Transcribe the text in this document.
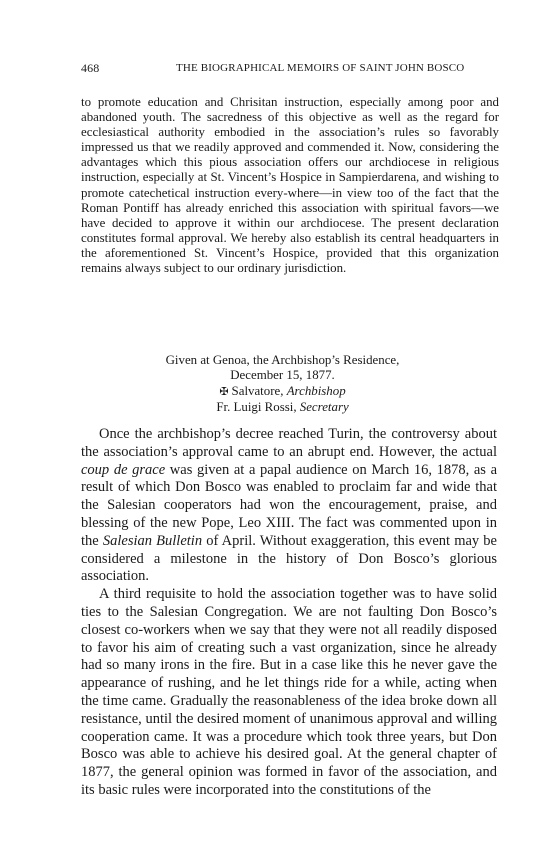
468	THE BIOGRAPHICAL MEMOIRS OF SAINT JOHN BOSCO

to promote education and Chrisitan instruction, especially among poor and abandoned youth. The sacredness of this objective as well as the regard for ecclesiastical authority embodied in the association’s rules so favorably impressed us that we readily approved and commended it. Now, considering the advantages which this pious association offers our archdiocese in religious instruction, especially at St. Vincent’s Hospice in Sampierdarena, and wishing to promote catechetical instruction every-where—in view too of the fact that the Roman Pontiff has already enriched this association with spiritual favors—we have decided to approve it within our archdiocese. The present declaration constitutes formal approval. We hereby also establish its central headquarters in the aforementioned St. Vincent’s Hospice, provided that this organization remains always subject to our ordinary jurisdiction.

Given at Genoa, the Archbishop’s Residence,
December 15, 1877.
✠ Salvatore, Archbishop
Fr. Luigi Rossi, Secretary

Once the archbishop’s decree reached Turin, the controversy about the association’s approval came to an abrupt end. However, the actual coup de grace was given at a papal audience on March 16, 1878, as a result of which Don Bosco was enabled to proclaim far and wide that the Salesian cooperators had won the encouragement, praise, and blessing of the new Pope, Leo XIII. The fact was commented upon in the Salesian Bulletin of April. Without exaggeration, this event may be considered a milestone in the history of Don Bosco’s glorious association.

A third requisite to hold the association together was to have solid ties to the Salesian Congregation. We are not faulting Don Bosco’s closest co-workers when we say that they were not all readily disposed to favor his aim of creating such a vast organization, since he already had so many irons in the fire. But in a case like this he never gave the appearance of rushing, and he let things ride for a while, acting when the time came. Gradually the reasonableness of the idea broke down all resistance, until the desired moment of unanimous approval and willing cooperation came. It was a procedure which took three years, but Don Bosco was able to achieve his desired goal. At the general chapter of 1877, the general opinion was formed in favor of the association, and its basic rules were incorporated into the constitutions of the
